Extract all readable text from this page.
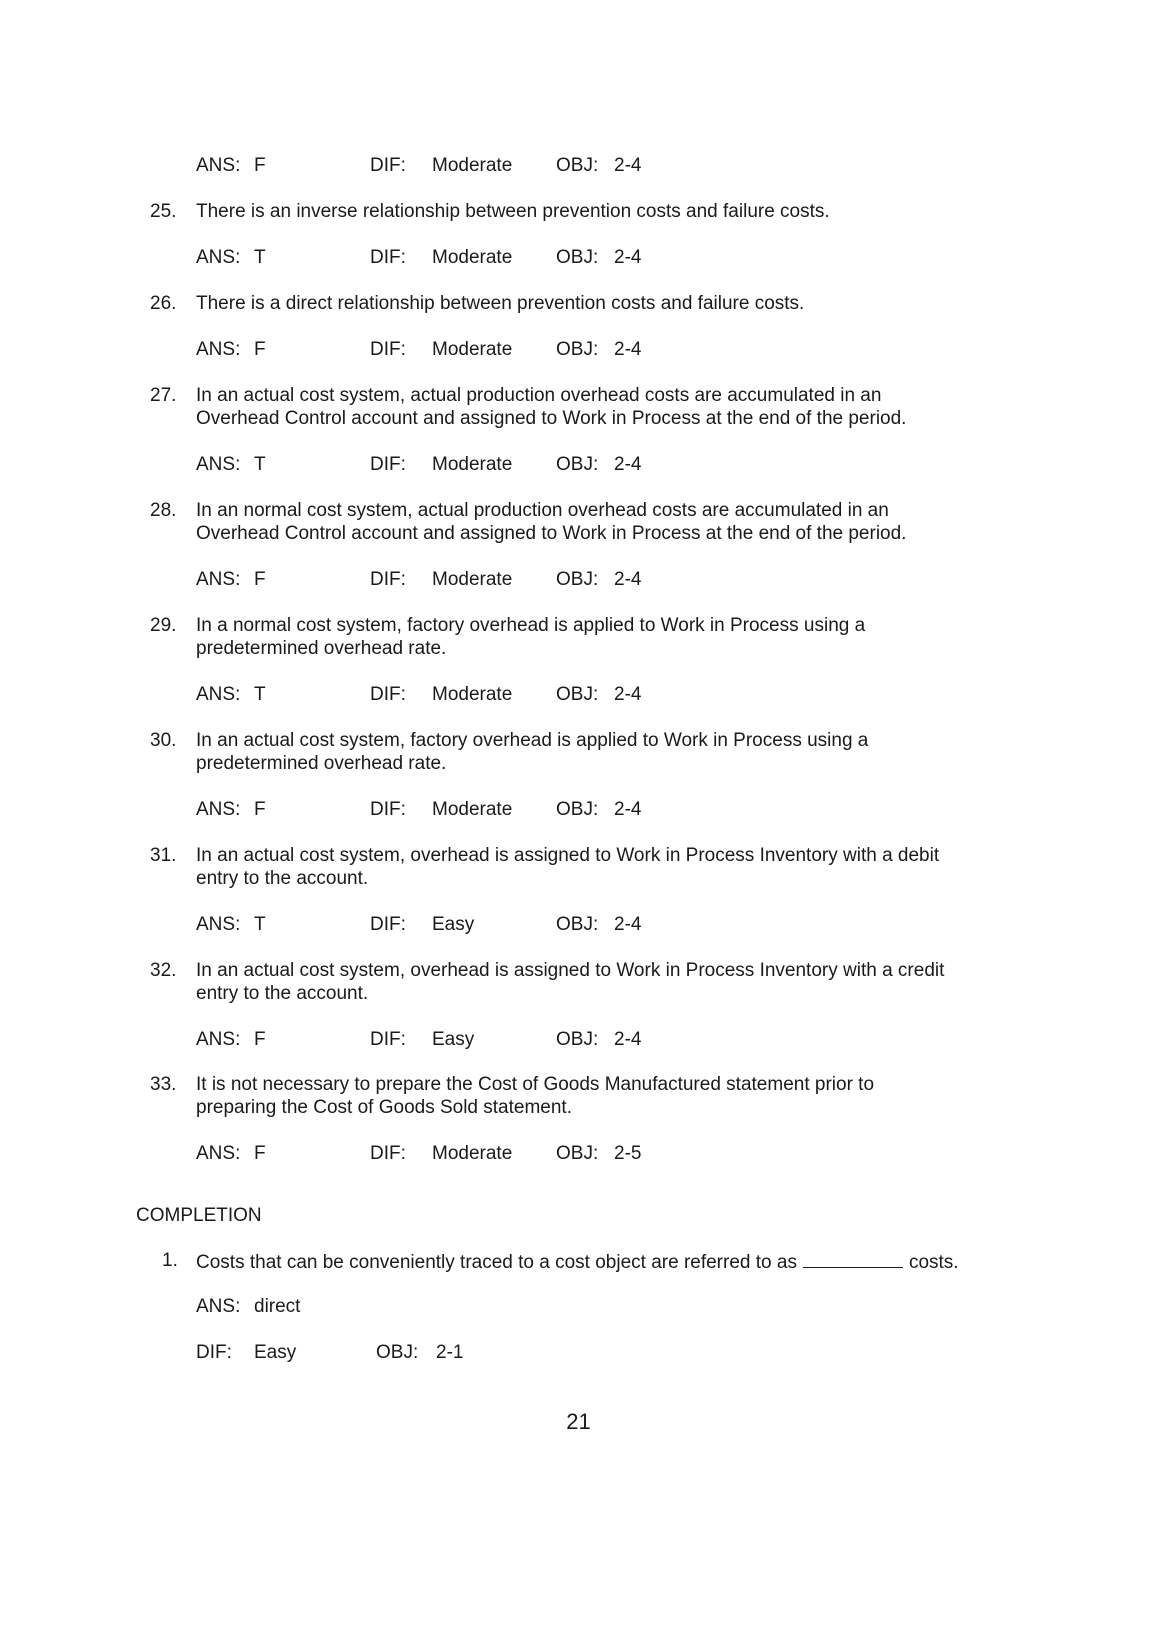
ANS: F	DIF: Moderate OBJ: 2-4
25.	There is an inverse relationship between prevention costs and failure costs.
ANS: T	DIF: Moderate OBJ: 2-4
26.	There is a direct relationship between prevention costs and failure costs.
ANS: F	DIF: Moderate OBJ: 2-4
27.	In an actual cost system, actual production overhead costs are accumulated in an
Overhead Control account and assigned to Work in Process at the end of the period.
ANS: T	DIF: Moderate OBJ: 2-4
28.	In an normal cost system, actual production overhead costs are accumulated in an
Overhead Control account and assigned to Work in Process at the end of the period.
ANS: F	DIF: Moderate OBJ: 2-4
29.	In a normal cost system, factory overhead is applied to Work in Process using a
predetermined overhead rate.
ANS: T	DIF: Moderate OBJ: 2-4
30.	In an actual cost system, factory overhead is applied to Work in Process using a
predetermined overhead rate.
ANS: F	DIF: Moderate OBJ: 2-4
31.	In an actual cost system, overhead is assigned to Work in Process Inventory with a debit
entry to the account.
ANS: T	DIF: Easy	OBJ: 2-4
32.	In an actual cost system, overhead is assigned to Work in Process Inventory with a credit
entry to the account.
ANS: F	DIF: Easy	OBJ: 2-4
33.	It is not necessary to prepare the Cost of Goods Manufactured statement prior to
preparing the Cost of Goods Sold statement.
ANS: F	DIF: Moderate OBJ: 2-5
COMPLETION
1. Costs that can be conveniently traced to a cost object are referred to as	costs.
ANS: direct
DIF: Easy	OBJ: 2-1
21
